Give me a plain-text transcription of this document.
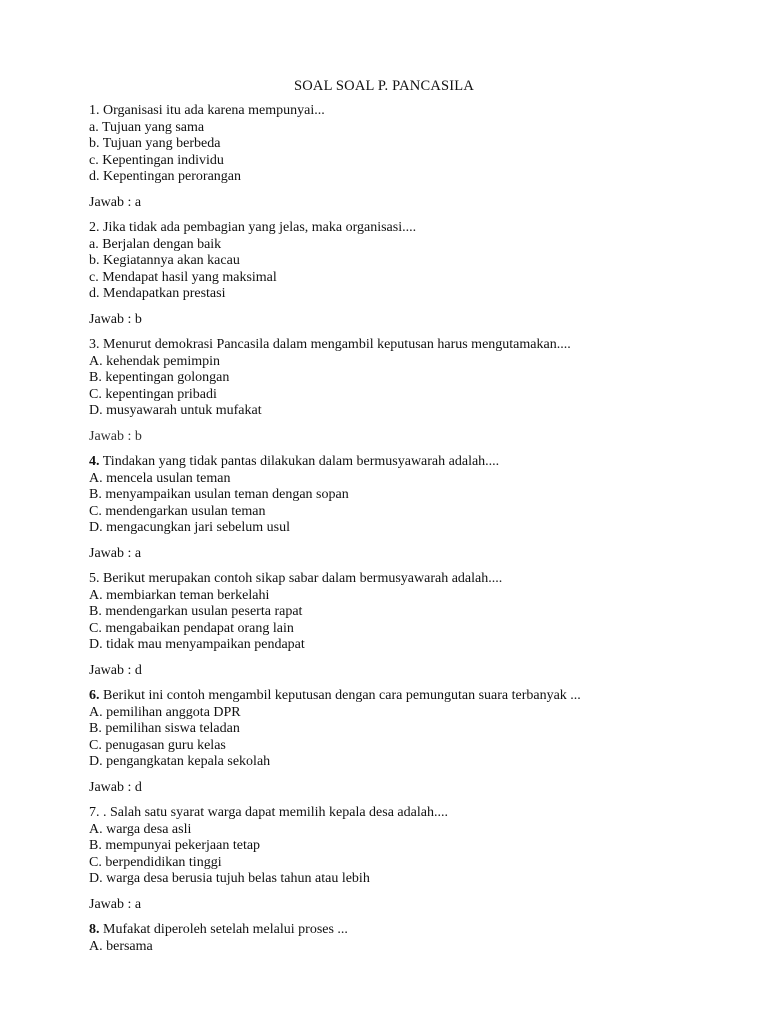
SOAL SOAL P. PANCASILA
1. Organisasi itu ada karena mempunyai...
a. Tujuan yang sama
b. Tujuan yang berbeda
c. Kepentingan individu
d. Kepentingan perorangan
Jawab : a
2. Jika tidak ada pembagian yang jelas, maka organisasi....
a. Berjalan dengan baik
b. Kegiatannya akan kacau
c. Mendapat hasil yang maksimal
d. Mendapatkan prestasi
Jawab : b
3. Menurut demokrasi Pancasila dalam mengambil keputusan harus mengutamakan....
A. kehendak pemimpin
B. kepentingan golongan
C. kepentingan pribadi
D. musyawarah untuk mufakat
Jawab : b
4. Tindakan yang tidak pantas dilakukan dalam bermusyawarah adalah....
A. mencela usulan teman
B. menyampaikan usulan teman dengan sopan
C. mendengarkan usulan teman
D. mengacungkan jari sebelum usul
Jawab : a
5. Berikut merupakan contoh sikap sabar dalam bermusyawarah adalah....
A. membiarkan teman berkelahi
B. mendengarkan usulan peserta rapat
C. mengabaikan pendapat orang lain
D. tidak mau menyampaikan pendapat
Jawab : d
6. Berikut ini contoh mengambil keputusan dengan cara pemungutan suara terbanyak ...
A. pemilihan anggota DPR
B. pemilihan siswa teladan
C. penugasan guru kelas
D. pengangkatan kepala sekolah
Jawab : d
7. . Salah satu syarat warga dapat memilih kepala desa adalah....
A. warga desa asli
B. mempunyai pekerjaan tetap
C. berpendidikan tinggi
D. warga desa berusia tujuh belas tahun atau lebih
Jawab : a
8. Mufakat diperoleh setelah melalui proses ...
A. bersama
